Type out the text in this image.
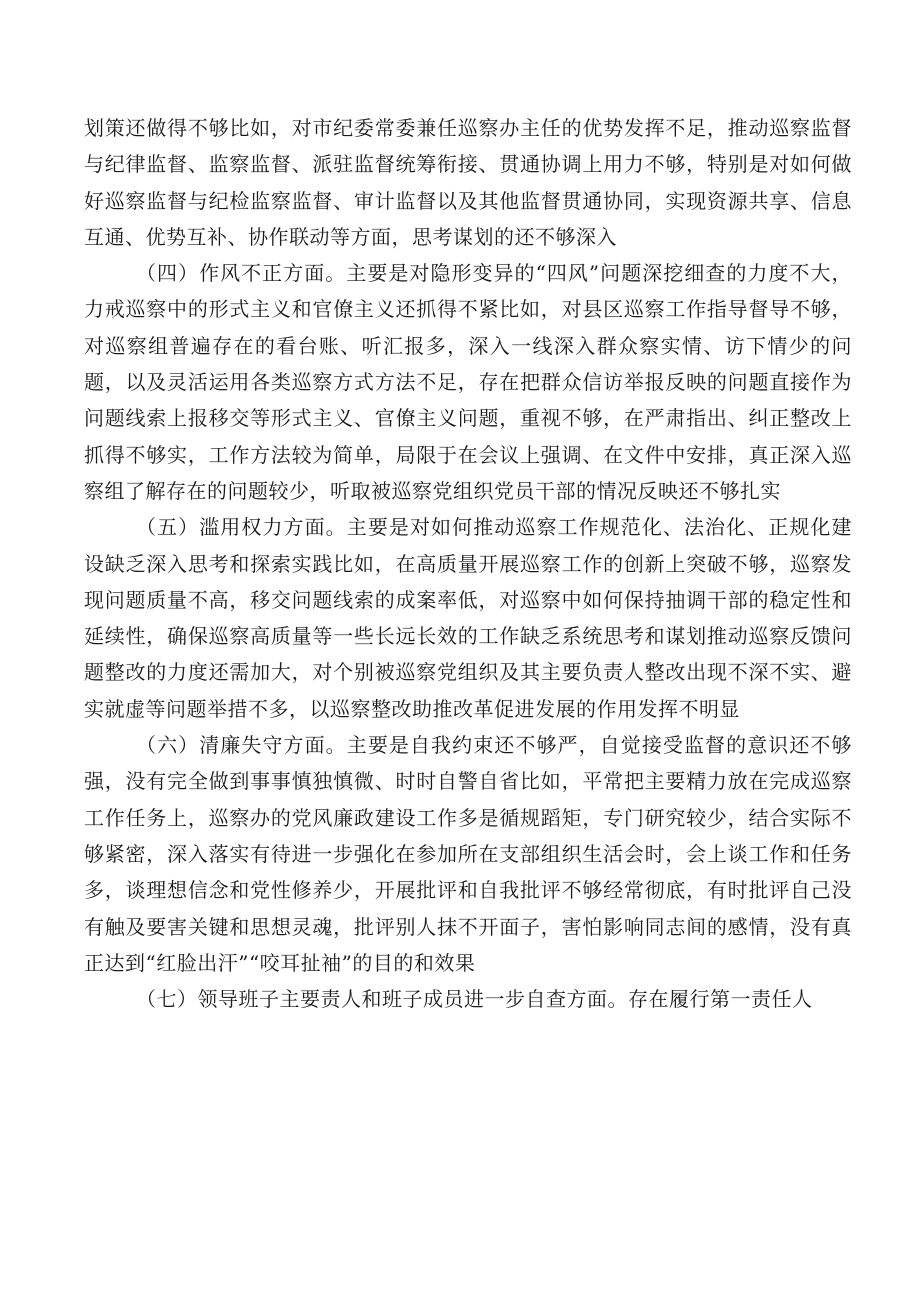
划策还做得不够比如，对市纪委常委兼任巡察办主任的优势发挥不足，推动巡察监督与纪律监督、监察监督、派驻监督统筹衔接、贯通协调上用力不够，特别是对如何做好巡察监督与纪检监察监督、审计监督以及其他监督贯通协同，实现资源共享、信息互通、优势互补、协作联动等方面，思考谋划的还不够深入

（四）作风不正方面。主要是对隐形变异的“四风”问题深挖细查的力度不大，力戒巡察中的形式主义和官僚主义还抓得不紧比如，对县区巡察工作指导督导不够，对巡察组普遍存在的看台账、听汇报多，深入一线深入群众察实情、访下情少的问题，以及灵活运用各类巡察方式方法不足，存在把群众信访举报反映的问题直接作为问题线索上报移交等形式主义、官僚主义问题，重视不够，在严肃指出、纠正整改上抓得不够实，工作方法较为简单，局限于在会议上强调、在文件中安排，真正深入巡察组了解存在的问题较少，听取被巡察党组织党员干部的情况反映还不够扎实

（五）滥用权力方面。主要是对如何推动巡察工作规范化、法治化、正规化建设缺乏深入思考和探索实践比如，在高质量开展巡察工作的创新上突破不够，巡察发现问题质量不高，移交问题线索的成案率低，对巡察中如何保持抽调干部的稳定性和延续性，确保巡察高质量等一些长远长效的工作缺乏系统思考和谋划推动巡察反馈问题整改的力度还需加大，对个别被巡察党组织及其主要负责人整改出现不深不实、避实就虚等问题举措不多，以巡察整改助推改革促进发展的作用发挥不明显

（六）清廉失守方面。主要是自我约束还不够严，自觉接受监督的意识还不够强，没有完全做到事事慎独慎微、时时自警自省比如，平常把主要精力放在完成巡察工作任务上，巡察办的党风廉政建设工作多是循规蹈矩，专门研究较少，结合实际不够紧密，深入落实有待进一步强化在参加所在支部组织生活会时，会上谈工作和任务多，谈理想信念和党性修养少，开展批评和自我批评不够经常彻底，有时批评自己没有触及要害关键和思想灵魂，批评别人抹不开面子，害怕影响同志间的感情，没有真正达到“红脸出汗”“咬耳扯袖”的目的和效果

（七）领导班子主要责人和班子成员进一步自查方面。存在履行第一责任人
